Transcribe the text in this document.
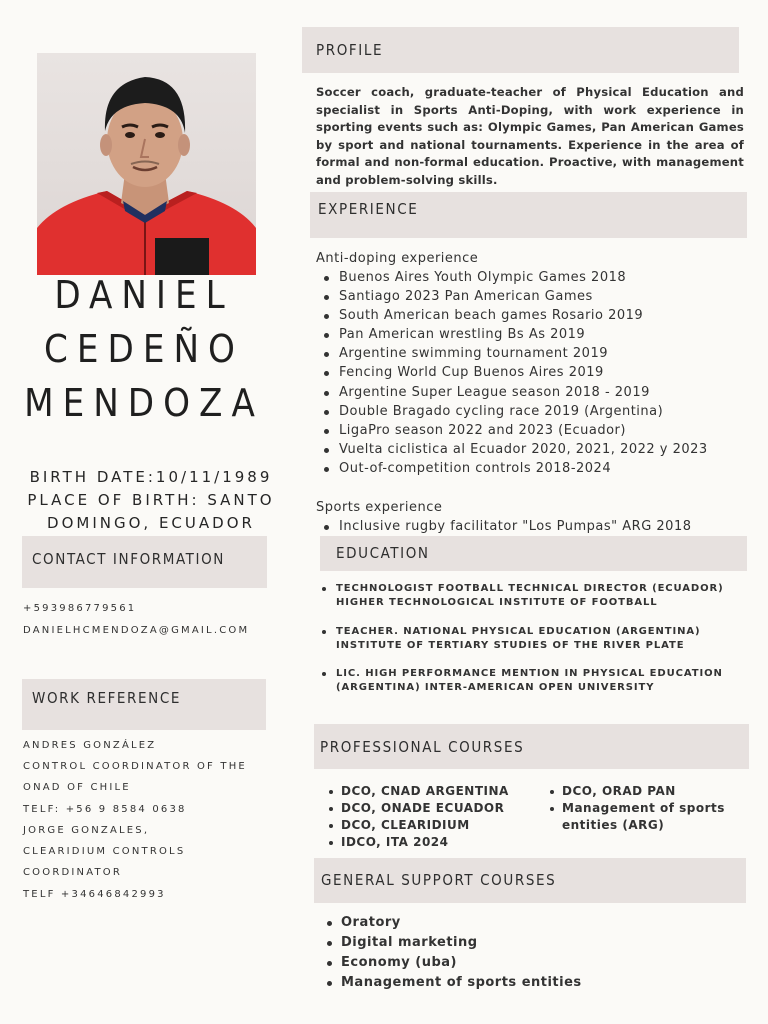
DANIEL
CEDEÑO
MENDOZA
BIRTH DATE:10/11/1989
PLACE OF BIRTH: SANTO
DOMINGO, ECUADOR
CONTACT INFORMATION
+593986779561
DANIELHCMENDOZA@GMAIL.COM
WORK REFERENCE
ANDRES GONZÁLEZ
CONTROL COORDINATOR OF THE
ONAD OF CHILE
TELF: +56 9 8584 0638
JORGE GONZALES,
CLEARIDIUM CONTROLS
COORDINATOR
TELF +34646842993
PROFILE
Soccer coach, graduate-teacher of Physical Education and specialist in Sports Anti-Doping, with work experience in sporting events such as: Olympic Games, Pan American Games by sport and national tournaments. Experience in the area of formal and non-formal education. Proactive, with management and problem-solving skills.
EXPERIENCE
Anti-doping experience
Buenos Aires Youth Olympic Games 2018
Santiago 2023 Pan American Games
South American beach games Rosario 2019
Pan American wrestling Bs As 2019
Argentine swimming tournament 2019
Fencing World Cup Buenos Aires 2019
Argentine Super League season 2018 - 2019
Double Bragado cycling race 2019 (Argentina)
LigaPro season 2022 and 2023 (Ecuador)
Vuelta ciclistica al Ecuador 2020, 2021, 2022 y 2023
Out-of-competition controls 2018-2024
Sports experience
Inclusive rugby facilitator "Los Pumpas" ARG 2018
EDUCATION
TECHNOLOGIST FOOTBALL TECHNICAL DIRECTOR (ECUADOR)
HIGHER TECHNOLOGICAL INSTITUTE OF FOOTBALL
TEACHER. NATIONAL PHYSICAL EDUCATION (ARGENTINA)
INSTITUTE OF TERTIARY STUDIES OF THE RIVER PLATE
LIC. HIGH PERFORMANCE MENTION IN PHYSICAL EDUCATION
(ARGENTINA) INTER-AMERICAN OPEN UNIVERSITY
PROFESSIONAL COURSES
DCO, CNAD ARGENTINA
DCO, ONADE ECUADOR
DCO, CLEARIDIUM
IDCO, ITA 2024
DCO, ORAD PAN
Management of sports
entities (ARG)
GENERAL SUPPORT COURSES
Oratory
Digital marketing
Economy (uba)
Management of sports entities
